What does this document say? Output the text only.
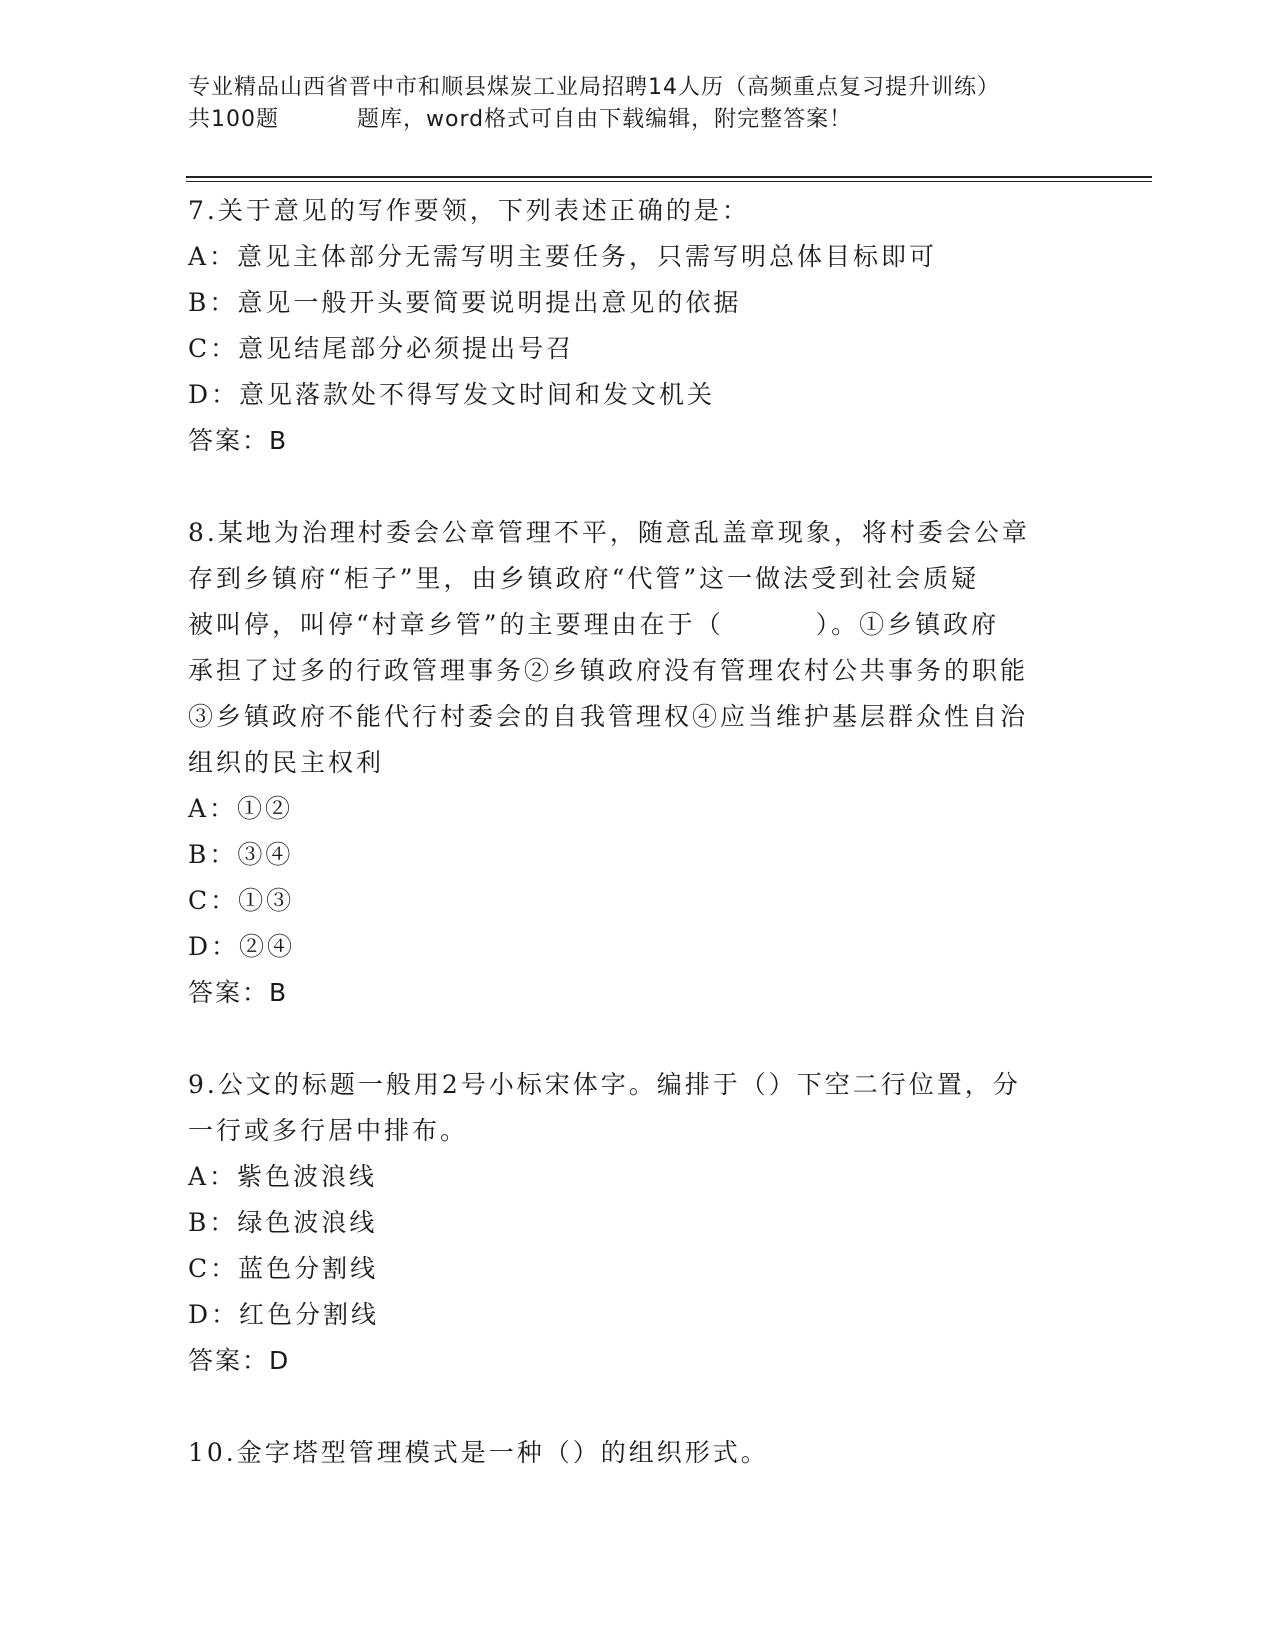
专业精品山西省晋中市和顺县煤炭工业局招聘14人历（高频重点复习提升训练）
共100题	题库，word格式可自由下载编辑，附完整答案！
7.关于意见的写作要领，下列表述正确的是：
A：意见主体部分无需写明主要任务，只需写明总体目标即可
B：意见一般开头要简要说明提出意见的依据
C：意见结尾部分必须提出号召
D：意见落款处不得写发文时间和发文机关
答案：B
8.某地为治理村委会公章管理不平，随意乱盖章现象，将村委会公章
存到乡镇府“柜子”里，由乡镇政府“代管”这一做法受到社会质疑
被叫停，叫停“村章乡管”的主要理由在于（	）。①乡镇政府
承担了过多的行政管理事务②乡镇政府没有管理农村公共事务的职能
③乡镇政府不能代行村委会的自我管理权④应当维护基层群众性自治
组织的民主权利
A：①②
B：③④
C：①③
D：②④
答案：B
9.公文的标题一般用2号小标宋体字。编排于（）下空二行位置，分
一行或多行居中排布。
A：紫色波浪线
B：绿色波浪线
C：蓝色分割线
D：红色分割线
答案：D
10.金字塔型管理模式是一种（）的组织形式。
